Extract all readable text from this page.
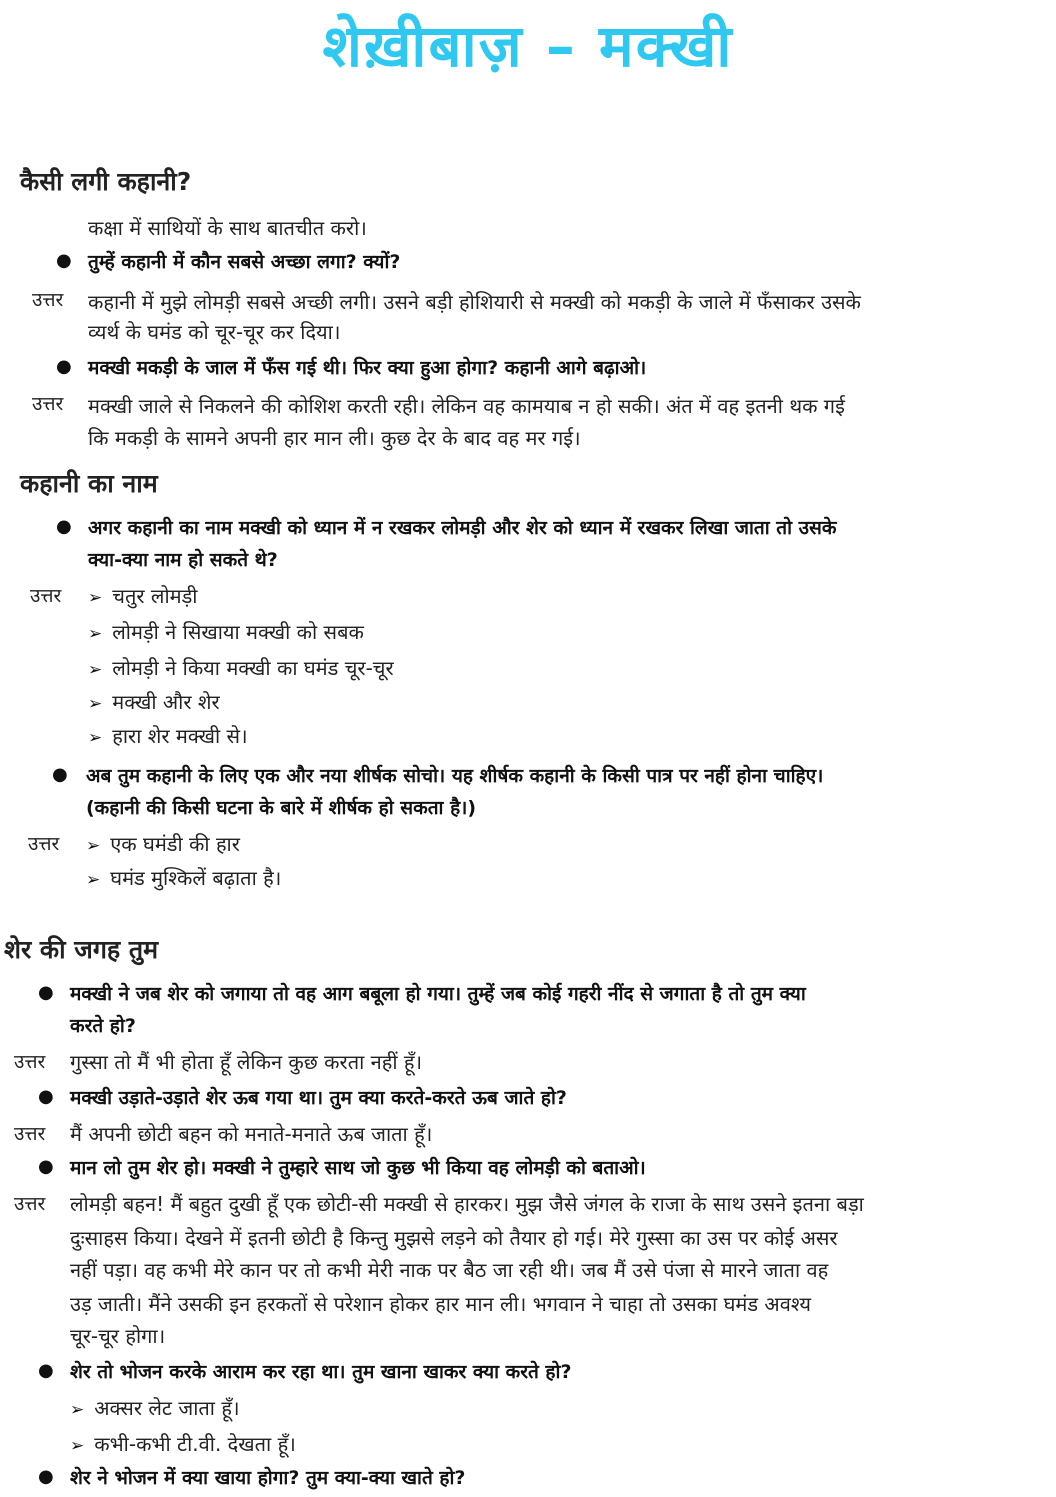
शेख़ीबाज़ – मक्खी
कैसी लगी कहानी?
कक्षा में साथियों के साथ बातचीत करो।
● तुम्हें कहानी में कौन सबसे अच्छा लगा? क्यों?
उत्तर कहानी में मुझे लोमड़ी सबसे अच्छी लगी। उसने बड़ी होशियारी से मक्खी को मकड़ी के जाले में फँसाकर उसके
व्यर्थ के घमंड को चूर-चूर कर दिया।
● मक्खी मकड़ी के जाल में फँस गई थी। फिर क्या हुआ होगा? कहानी आगे बढ़ाओ।
उत्तर मक्खी जाले से निकलने की कोशिश करती रही। लेकिन वह कामयाब न हो सकी। अंत में वह इतनी थक गई
कि मकड़ी के सामने अपनी हार मान ली। कुछ देर के बाद वह मर गई।
कहानी का नाम
● अगर कहानी का नाम मक्खी को ध्यान में न रखकर लोमड़ी और शेर को ध्यान में रखकर लिखा जाता तो उसके
क्या-क्या नाम हो सकते थे?
उत्तर ➢ चतुर लोमड़ी
➢ लोमड़ी ने सिखाया मक्खी को सबक
➢ लोमड़ी ने किया मक्खी का घमंड चूर-चूर
➢ मक्खी और शेर
➢ हारा शेर मक्खी से।
● अब तुम कहानी के लिए एक और नया शीर्षक सोचो। यह शीर्षक कहानी के किसी पात्र पर नहीं होना चाहिए।
(कहानी की किसी घटना के बारे में शीर्षक हो सकता है।)
उत्तर ➢ एक घमंडी की हार
➢ घमंड मुश्किलें बढ़ाता है।
शेर की जगह तुम
● मक्खी ने जब शेर को जगाया तो वह आग बबूला हो गया। तुम्हें जब कोई गहरी नींद से जगाता है तो तुम क्या
करते हो?
उत्तर गुस्सा तो मैं भी होता हूँ लेकिन कुछ करता नहीं हूँ।
● मक्खी उड़ाते-उड़ाते शेर ऊब गया था। तुम क्या करते-करते ऊब जाते हो?
उत्तर मैं अपनी छोटी बहन को मनाते-मनाते ऊब जाता हूँ।
● मान लो तुम शेर हो। मक्खी ने तुम्हारे साथ जो कुछ भी किया वह लोमड़ी को बताओ।
उत्तर लोमड़ी बहन! मैं बहुत दुखी हूँ एक छोटी-सी मक्खी से हारकर। मुझ जैसे जंगल के राजा के साथ उसने इतना बड़ा
दुःसाहस किया। देखने में इतनी छोटी है किन्तु मुझसे लड़ने को तैयार हो गई। मेरे गुस्सा का उस पर कोई असर
नहीं पड़ा। वह कभी मेरे कान पर तो कभी मेरी नाक पर बैठ जा रही थी। जब मैं उसे पंजा से मारने जाता वह
उड़ जाती। मैंने उसकी इन हरकतों से परेशान होकर हार मान ली। भगवान ने चाहा तो उसका घमंड अवश्य
चूर-चूर होगा।
● शेर तो भोजन करके आराम कर रहा था। तुम खाना खाकर क्या करते हो?
➢ अक्सर लेट जाता हूँ।
➢ कभी-कभी टी.वी. देखता हूँ।
● शेर ने भोजन में क्या खाया होगा? तुम क्या-क्या खाते हो?
